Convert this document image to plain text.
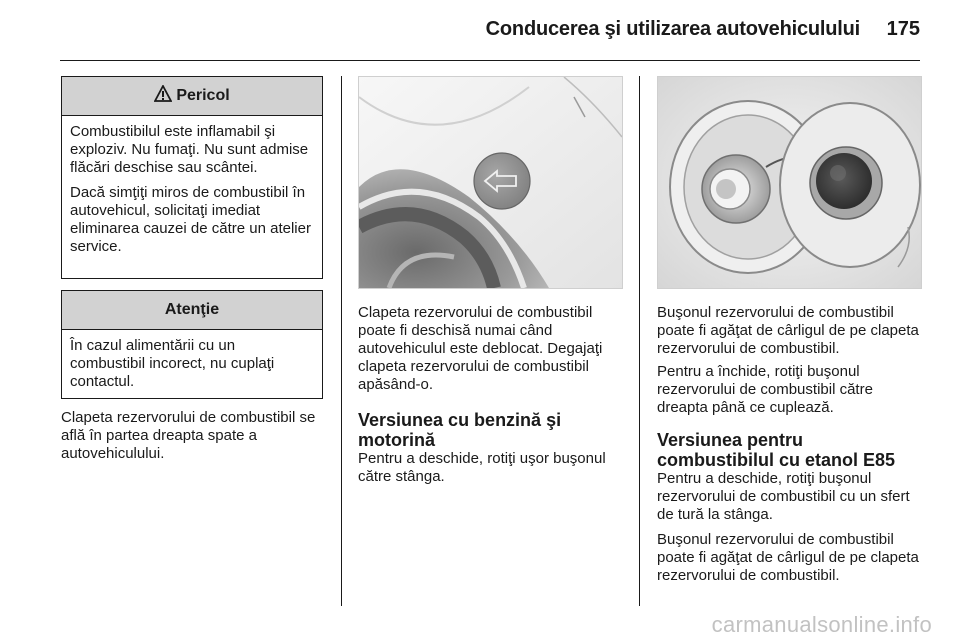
Conducerea şi utilizarea autovehiculului	175
Pericol

Combustibilul este inflamabil şi exploziv. Nu fumaţi. Nu sunt admise flăcări deschise sau scântei.

Dacă simţiţi miros de combustibil în autovehicul, solicitaţi imediat eliminarea cauzei de către un atelier service.

Atenţie

În cazul alimentării cu un combustibil incorect, nu cuplaţi contactul.

Clapeta rezervorului de combustibil se află în partea dreapta spate a autovehiculului.
Clapeta rezervorului de combustibil poate fi deschisă numai când autovehiculul este deblocat. Degajaţi clapeta rezervorului de combustibil apăsând-o.
Versiunea cu benzină şi motorină
Pentru a deschide, rotiţi uşor buşonul către stânga.
Buşonul rezervorului de combustibil poate fi agăţat de cârligul de pe clapeta rezervorului de combustibil.
Pentru a închide, rotiţi buşonul rezervorului de combustibil către dreapta până ce cuplează.
Versiunea pentru combustibilul cu etanol E85
Pentru a deschide, rotiţi buşonul rezervorului de combustibil cu un sfert de tură la stânga.
Buşonul rezervorului de combustibil poate fi agăţat de cârligul de pe clapeta rezervorului de combustibil.
carmanualsonline.info
